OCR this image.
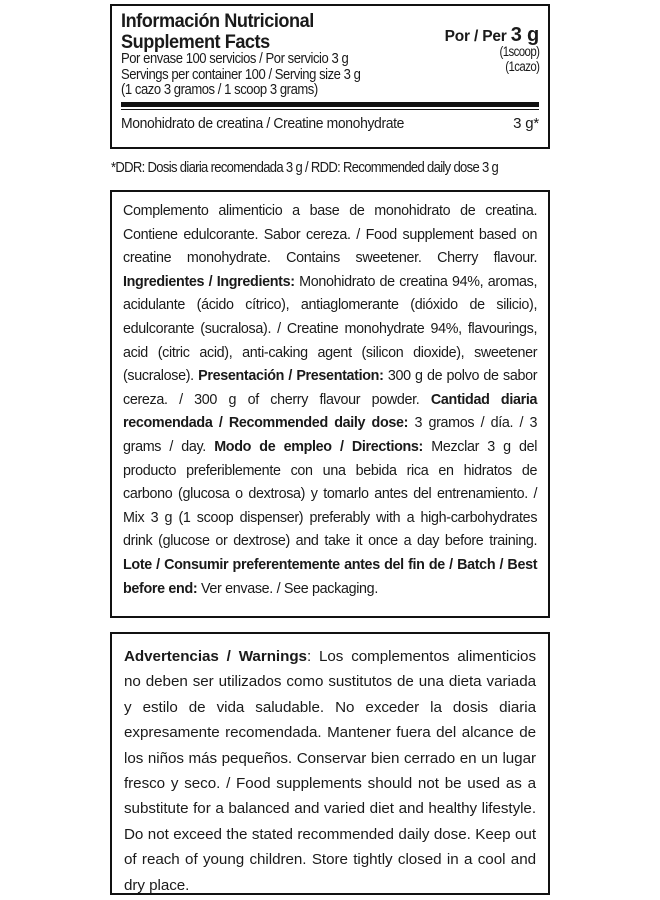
Información Nutricional
Supplement Facts
Por envase 100 servicios / Por servicio 3 g
Servings per container 100 / Serving size 3 g
(1 cazo 3 gramos / 1 scoop 3 grams)
Por / Per 3 g
(1scoop)
(1cazo)
Monohidrato de creatina / Creatine monohydrate	3 g*
*DDR: Dosis diaria recomendada 3 g / RDD: Recommended daily dose 3 g
Complemento alimenticio a base de monohidrato de creatina. Contiene edulcorante. Sabor cereza. / Food supplement based on creatine monohydrate. Contains sweetener. Cherry flavour. Ingredientes / Ingredients: Monohidrato de creatina 94%, aromas, acidulante (ácido cítrico), antiaglomerante (dióxido de silicio), edulcorante (sucralosa). / Creatine monohydrate 94%, flavourings, acid (citric acid), anti-caking agent (silicon dioxide), sweetener (sucralose). Presentación / Presentation: 300 g de polvo de sabor cereza. / 300 g of cherry flavour powder. Cantidad diaria recomendada / Recommended daily dose: 3 gramos / día. / 3 grams / day. Modo de empleo / Directions: Mezclar 3 g del producto preferiblemente con una bebida rica en hidratos de carbono (glucosa o dextrosa) y tomarlo antes del entrenamiento. / Mix 3 g (1 scoop dispenser) preferably with a high-carbohydrates drink (glucose or dextrose) and take it once a day before training. Lote / Consumir preferentemente antes del fin de / Batch / Best before end: Ver envase. / See packaging.
Advertencias / Warnings: Los complementos alimenticios no deben ser utilizados como sustitutos de una dieta variada y estilo de vida saludable. No exceder la dosis diaria expresamente recomendada. Mantener fuera del alcance de los niños más pequeños. Conservar bien cerrado en un lugar fresco y seco. / Food supplements should not be used as a substitute for a balanced and varied diet and healthy lifestyle. Do not exceed the stated recommended daily dose. Keep out of reach of young children. Store tightly closed in a cool and dry place.
